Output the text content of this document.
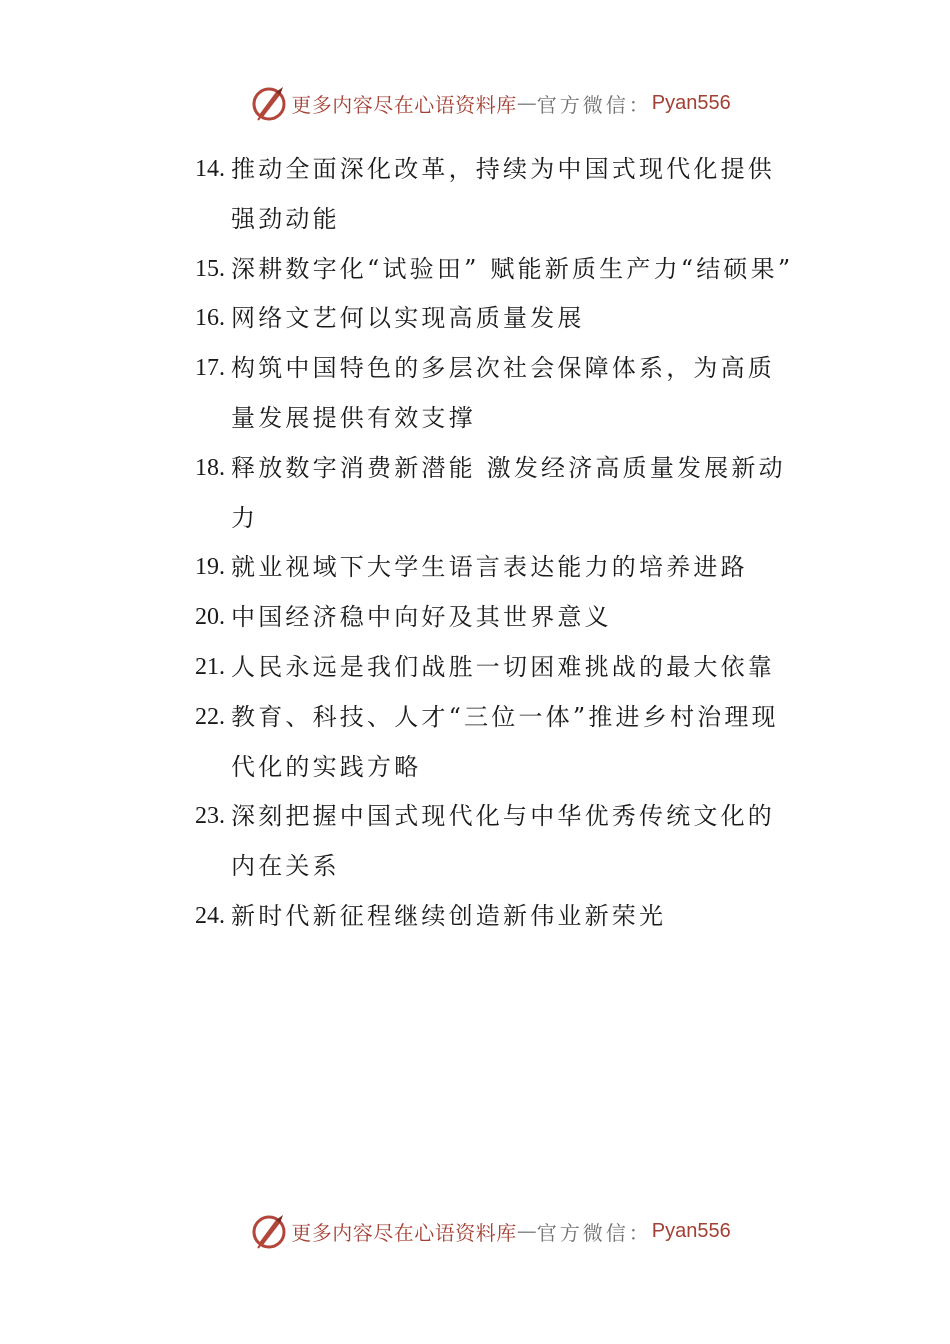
更多内容尽在心语资料库 — 官方微信： Pyan556
14. 推动全面深化改革，持续为中国式现代化提供强劲动能
15. 深耕数字化“试验田” 赋能新质生产力“结硕果”
16. 网络文艺何以实现高质量发展
17. 构筑中国特色的多层次社会保障体系，为高质量发展提供有效支撑
18. 释放数字消费新潜能 激发经济高质量发展新动力
19. 就业视域下大学生语言表达能力的培养进路
20. 中国经济稳中向好及其世界意义
21. 人民永远是我们战胜一切困难挑战的最大依靠
22. 教育、科技、人才“三位一体”推进乡村治理现代化的实践方略
23. 深刻把握中国式现代化与中华优秀传统文化的内在关系
24. 新时代新征程继续创造新伟业新荣光
更多内容尽在心语资料库 — 官方微信： Pyan556
